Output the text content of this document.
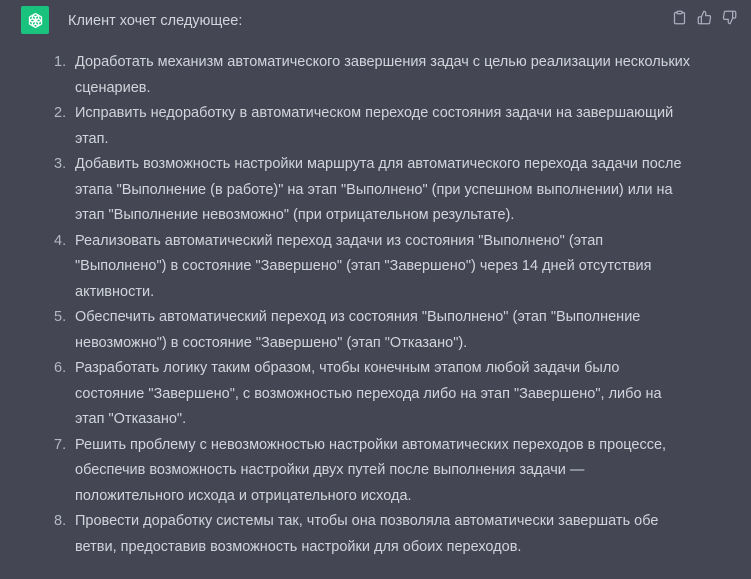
Клиент хочет следующее:

1. Доработать механизм автоматического завершения задач с целью реализации нескольких сценариев.
2. Исправить недоработку в автоматическом переходе состояния задачи на завершающий этап.
3. Добавить возможность настройки маршрута для автоматического перехода задачи после этапа "Выполнение (в работе)" на этап "Выполнено" (при успешном выполнении) или на этап "Выполнение невозможно" (при отрицательном результате).
4. Реализовать автоматический переход задачи из состояния "Выполнено" (этап "Выполнено") в состояние "Завершено" (этап "Завершено") через 14 дней отсутствия активности.
5. Обеспечить автоматический переход из состояния "Выполнено" (этап "Выполнение невозможно") в состояние "Завершено" (этап "Отказано").
6. Разработать логику таким образом, чтобы конечным этапом любой задачи было состояние "Завершено", с возможностью перехода либо на этап "Завершено", либо на этап "Отказано".
7. Решить проблему с невозможностью настройки автоматических переходов в процессе, обеспечив возможность настройки двух путей после выполнения задачи — положительного исхода и отрицательного исхода.
8. Провести доработку системы так, чтобы она позволяла автоматически завершать обе ветви, предоставив возможность настройки для обоих переходов.
